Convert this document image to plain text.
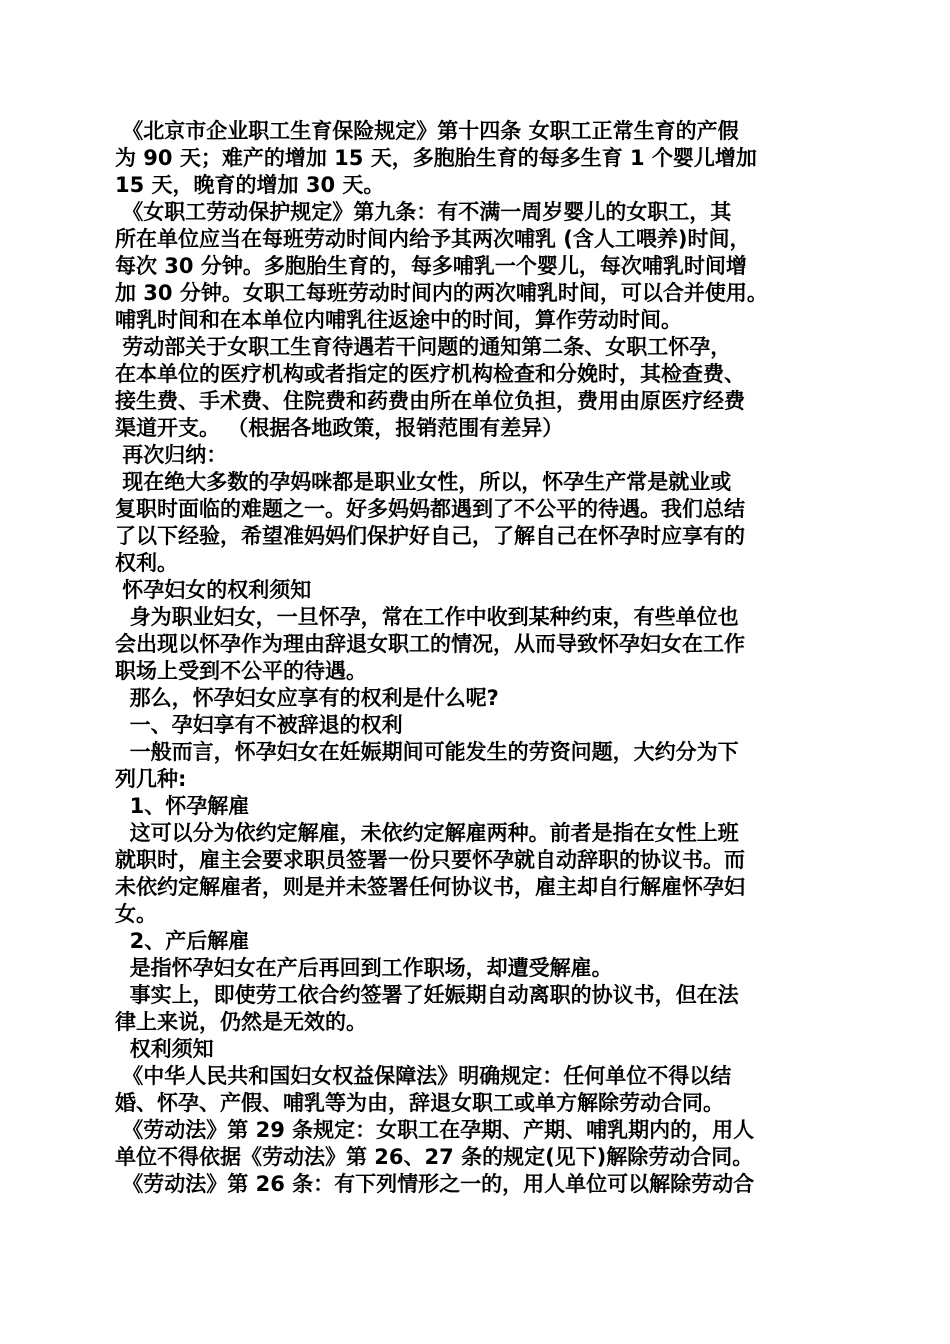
《北京市企业职工生育保险规定》第十四条 女职工正常生育的产假
为 90 天；难产的增加 15 天，多胞胎生育的每多生育 1 个婴儿增加
15 天，晚育的增加 30 天。
《女职工劳动保护规定》第九条：有不满一周岁婴儿的女职工，其
所在单位应当在每班劳动时间内给予其两次哺乳 (含人工喂养)时间，
每次 30 分钟。多胞胎生育的，每多哺乳一个婴儿，每次哺乳时间增
加 30 分钟。女职工每班劳动时间内的两次哺乳时间，可以合并使用。
哺乳时间和在本单位内哺乳往返途中的时间，算作劳动时间。
劳动部关于女职工生育待遇若干问题的通知第二条、女职工怀孕，
在本单位的医疗机构或者指定的医疗机构检查和分娩时，其检查费、
接生费、手术费、住院费和药费由所在单位负担，费用由原医疗经费
渠道开支。 （根据各地政策，报销范围有差异）
再次归纳：
现在绝大多数的孕妈咪都是职业女性，所以，怀孕生产常是就业或
复职时面临的难题之一。好多妈妈都遇到了不公平的待遇。我们总结
了以下经验，希望准妈妈们保护好自己，了解自己在怀孕时应享有的
权利。
怀孕妇女的权利须知
身为职业妇女，一旦怀孕，常在工作中收到某种约束，有些单位也
会出现以怀孕作为理由辞退女职工的情况，从而导致怀孕妇女在工作
职场上受到不公平的待遇。
那么，怀孕妇女应享有的权利是什么呢?
一、孕妇享有不被辞退的权利
一般而言，怀孕妇女在妊娠期间可能发生的劳资问题，大约分为下
列几种:
1、怀孕解雇
这可以分为依约定解雇，未依约定解雇两种。前者是指在女性上班
就职时，雇主会要求职员签署一份只要怀孕就自动辞职的协议书。而
未依约定解雇者，则是并未签署任何协议书，雇主却自行解雇怀孕妇
女。
2、产后解雇
是指怀孕妇女在产后再回到工作职场，却遭受解雇。
事实上，即使劳工依合约签署了妊娠期自动离职的协议书，但在法
律上来说，仍然是无效的。
权利须知
《中华人民共和国妇女权益保障法》明确规定：任何单位不得以结
婚、怀孕、产假、哺乳等为由，辞退女职工或单方解除劳动合同。
《劳动法》第 29 条规定：女职工在孕期、产期、哺乳期内的，用人
单位不得依据《劳动法》第 26、27 条的规定(见下)解除劳动合同。
《劳动法》第 26 条：有下列情形之一的，用人单位可以解除劳动合
